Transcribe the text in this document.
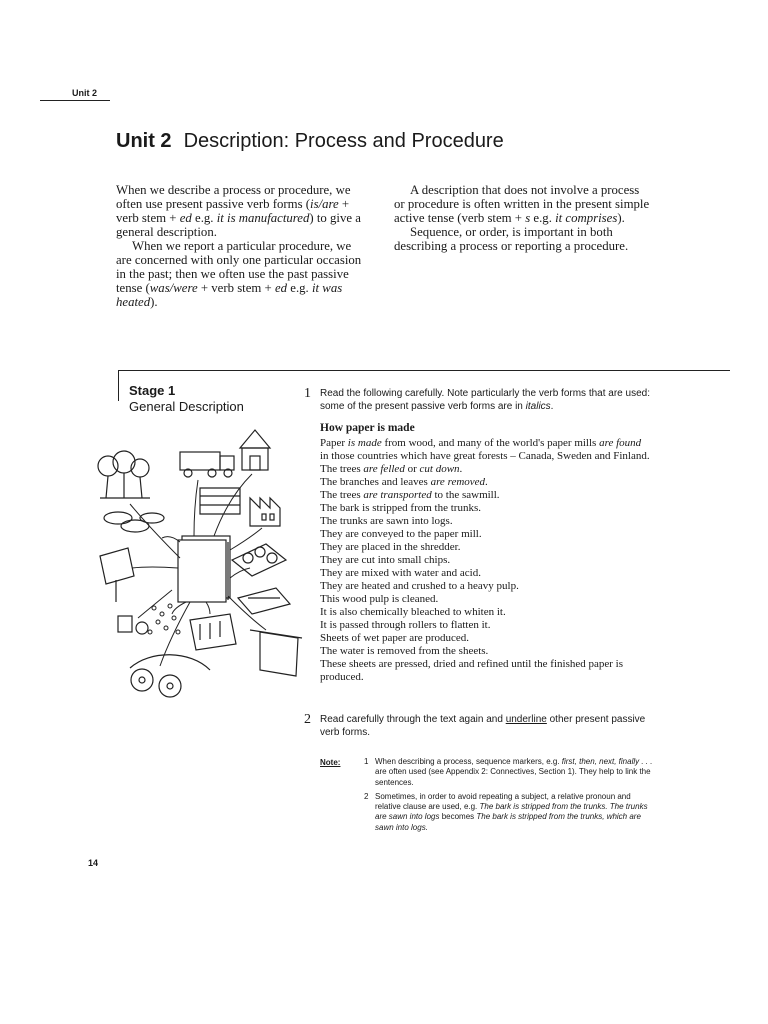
Unit 2
Unit 2 Description: Process and Procedure

When we describe a process or procedure, we often use present passive verb forms (is/are + verb stem + ed e.g. it is manufactured) to give a general description.

When we report a particular procedure, we are concerned with only one particular occasion in the past; then we often use the past passive tense (was/were + verb stem + ed e.g. it was heated).

A description that does not involve a process or procedure is often written in the present simple active tense (verb stem + s e.g. it comprises).

Sequence, or order, is important in both describing a process or reporting a procedure.

Stage 1
General Description
1 Read the following carefully. Note particularly the verb forms that are used: some of the present passive verb forms are in italics.
How paper is made
Paper is made from wood, and many of the world's paper mills are found in those countries which have great forests – Canada, Sweden and Finland.
The trees are felled or cut down.
The branches and leaves are removed.
The trees are transported to the sawmill.
The bark is stripped from the trunks.
The trunks are sawn into logs.
They are conveyed to the paper mill.
They are placed in the shredder.
They are cut into small chips.
They are mixed with water and acid.
They are heated and crushed to a heavy pulp.
This wood pulp is cleaned.
It is also chemically bleached to whiten it.
It is passed through rollers to flatten it.
Sheets of wet paper are produced.
The water is removed from the sheets.
These sheets are pressed, dried and refined until the finished paper is produced.
2 Read carefully through the text again and underline other present passive verb forms.
Note:	1 When describing a process, sequence markers, e.g. first, then, next, finally . . . are often used (see Appendix 2: Connectives, Section 1). They help to link the sentences.
2 Sometimes, in order to avoid repeating a subject, a relative pronoun and relative clause are used, e.g. The bark is stripped from the trunks. The trunks are sawn into logs becomes The bark is stripped from the trunks, which are sawn into logs.
14
